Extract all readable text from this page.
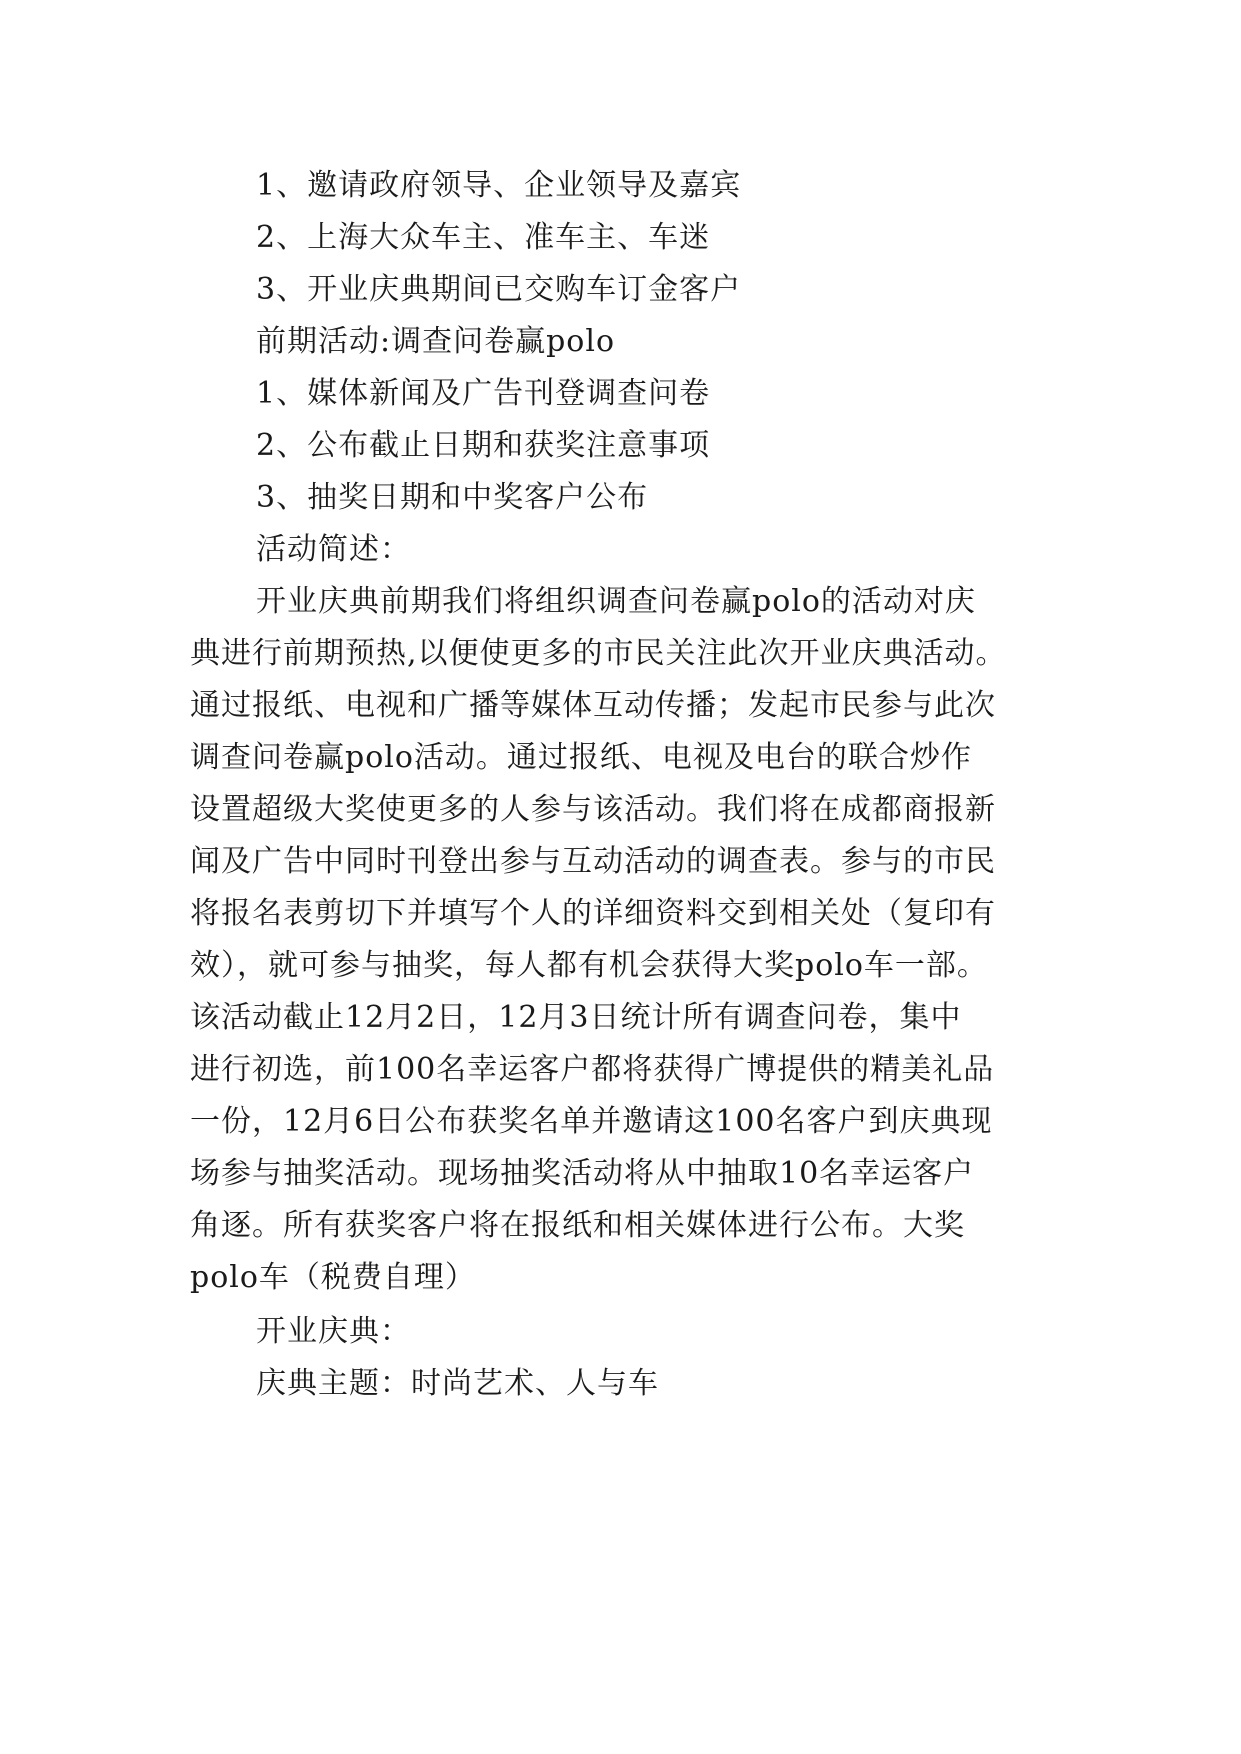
1、邀请政府领导、企业领导及嘉宾
2、上海大众车主、准车主、车迷
3、开业庆典期间已交购车订金客户
前期活动:调查问卷赢polo
1、媒体新闻及广告刊登调查问卷
2、公布截止日期和获奖注意事项
3、抽奖日期和中奖客户公布
活动简述：
开业庆典前期我们将组织调查问卷赢polo的活动对庆
典进行前期预热,以便使更多的市民关注此次开业庆典活动。
通过报纸、电视和广播等媒体互动传播；发起市民参与此次
调查问卷赢polo活动。通过报纸、电视及电台的联合炒作
设置超级大奖使更多的人参与该活动。我们将在成都商报新
闻及广告中同时刊登出参与互动活动的调查表。参与的市民
将报名表剪切下并填写个人的详细资料交到相关处（复印有
效），就可参与抽奖，每人都有机会获得大奖polo车一部。
该活动截止12月2日，12月3日统计所有调查问卷，集中
进行初选，前100名幸运客户都将获得广博提供的精美礼品
一份，12月6日公布获奖名单并邀请这100名客户到庆典现
场参与抽奖活动。现场抽奖活动将从中抽取10名幸运客户
角逐。所有获奖客户将在报纸和相关媒体进行公布。大奖
polo车（税费自理）
开业庆典：
庆典主题：时尚艺术、人与车
